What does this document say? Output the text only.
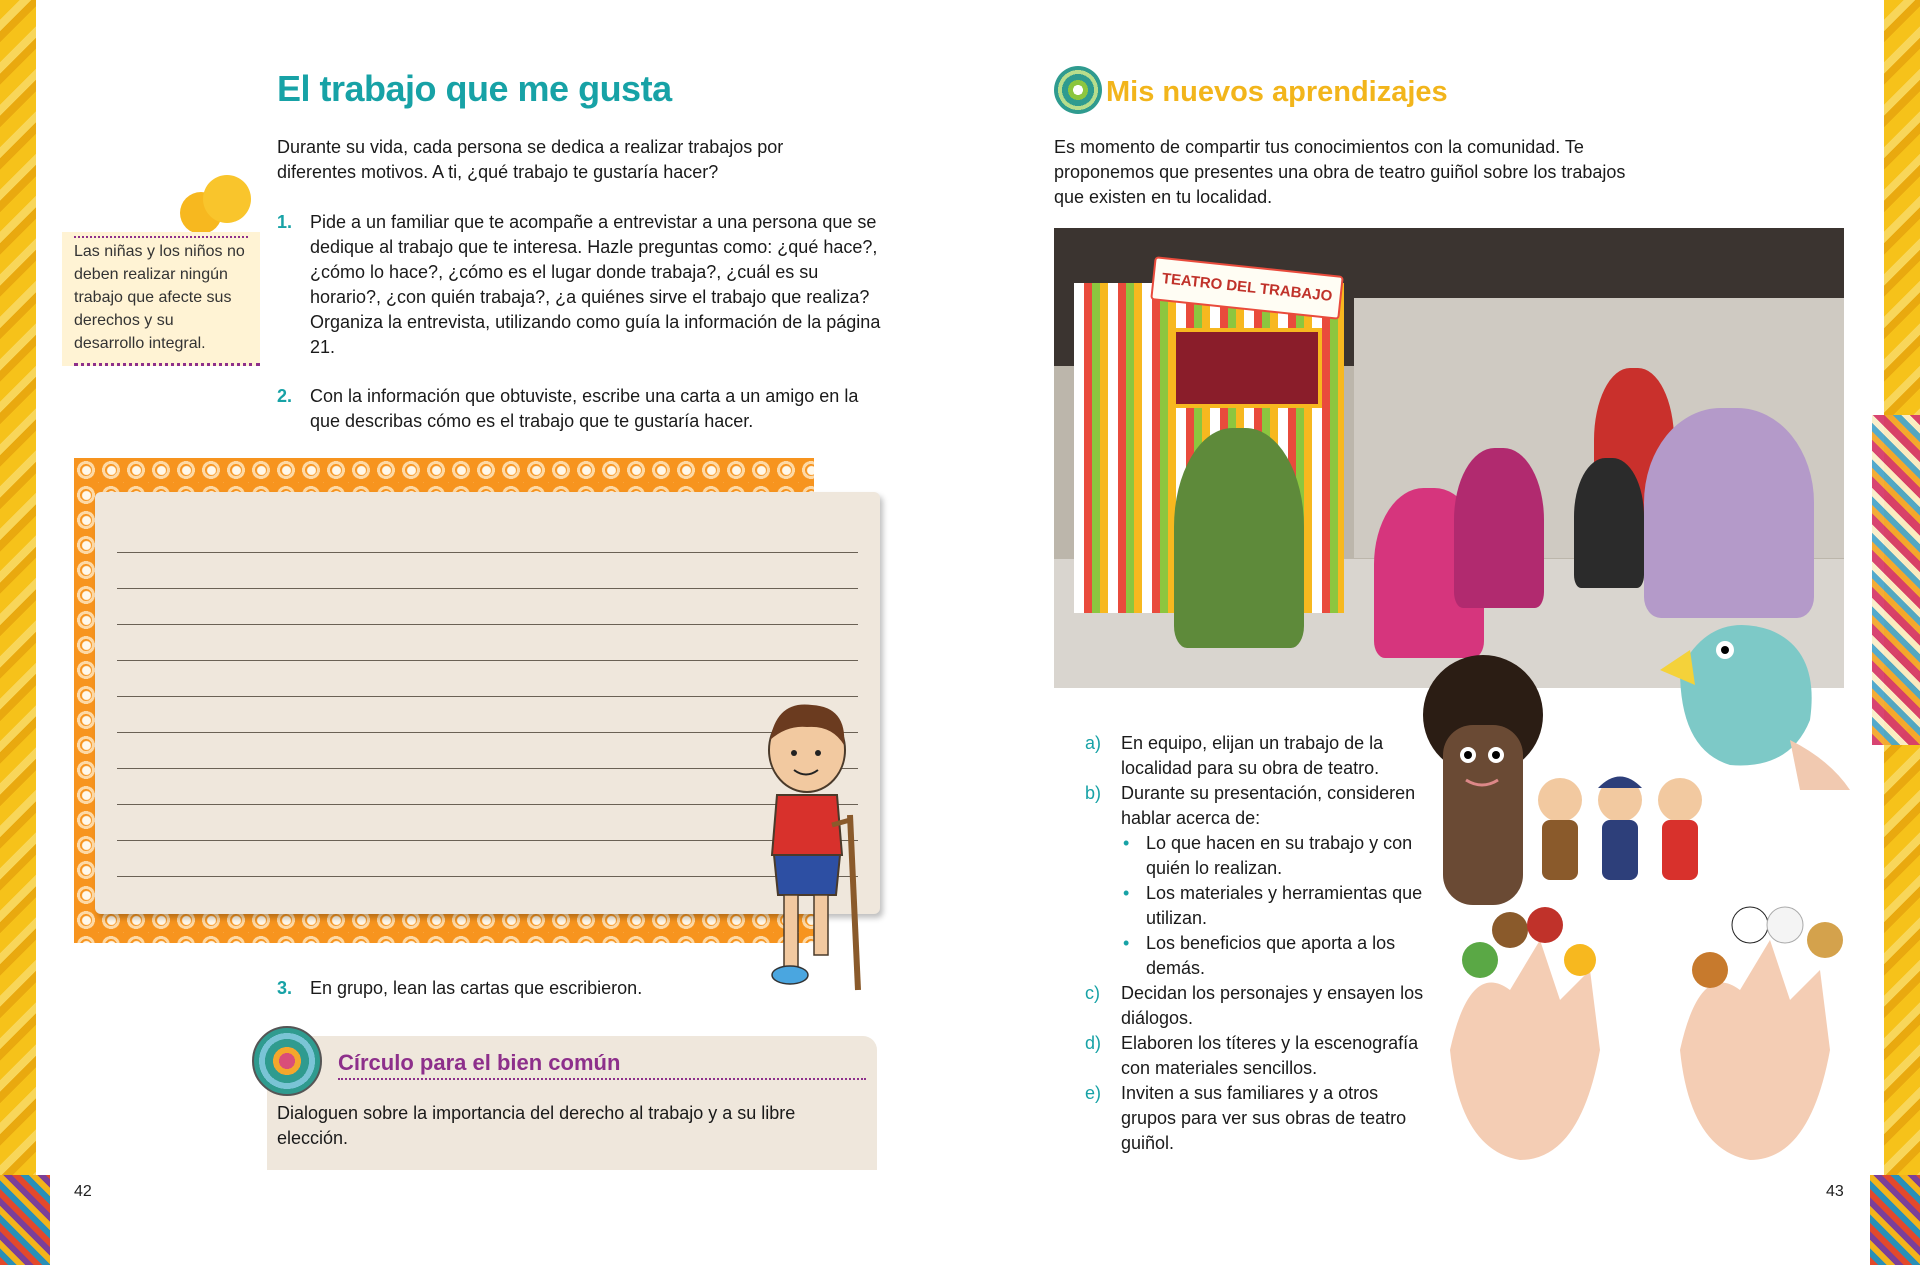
El trabajo que me gusta

Durante su vida, cada persona se dedica a realizar trabajos por diferentes motivos. A ti, ¿qué trabajo te gustaría hacer?

Las niñas y los niños no deben realizar ningún trabajo que afecte sus derechos y su desarrollo integral.

1. Pide a un familiar que te acompañe a entrevistar a una persona que se dedique al trabajo que te interesa. Hazle preguntas como: ¿qué hace?, ¿cómo lo hace?, ¿cómo es el lugar donde trabaja?, ¿cuál es su horario?, ¿con quién trabaja?, ¿a quiénes sirve el trabajo que realiza? Organiza la entrevista, utilizando como guía la información de la página 21.
2. Con la información que obtuviste, escribe una carta a un amigo en la que describas cómo es el trabajo que te gustaría hacer.
3. En grupo, lean las cartas que escribieron.
Círculo para el bien común

Dialoguen sobre la importancia del derecho al trabajo y a su libre elección.

42
Mis nuevos aprendizajes

Es momento de compartir tus conocimientos con la comunidad. Te proponemos que presentes una obra de teatro guiñol sobre los trabajos que existen en tu localidad.

TEATRO DEL TRABAJO
a) En equipo, elijan un trabajo de la localidad para su obra de teatro.
b) Durante su presentación, consideren hablar acerca de:
• Lo que hacen en su trabajo y con quién lo realizan.
• Los materiales y herramientas que utilizan.
• Los beneficios que aporta a los demás.
c) Decidan los personajes y ensayen los diálogos.
d) Elaboren los títeres y la escenografía con materiales sencillos.
e) Inviten a sus familiares y a otros grupos para ver sus obras de teatro guiñol.
43
